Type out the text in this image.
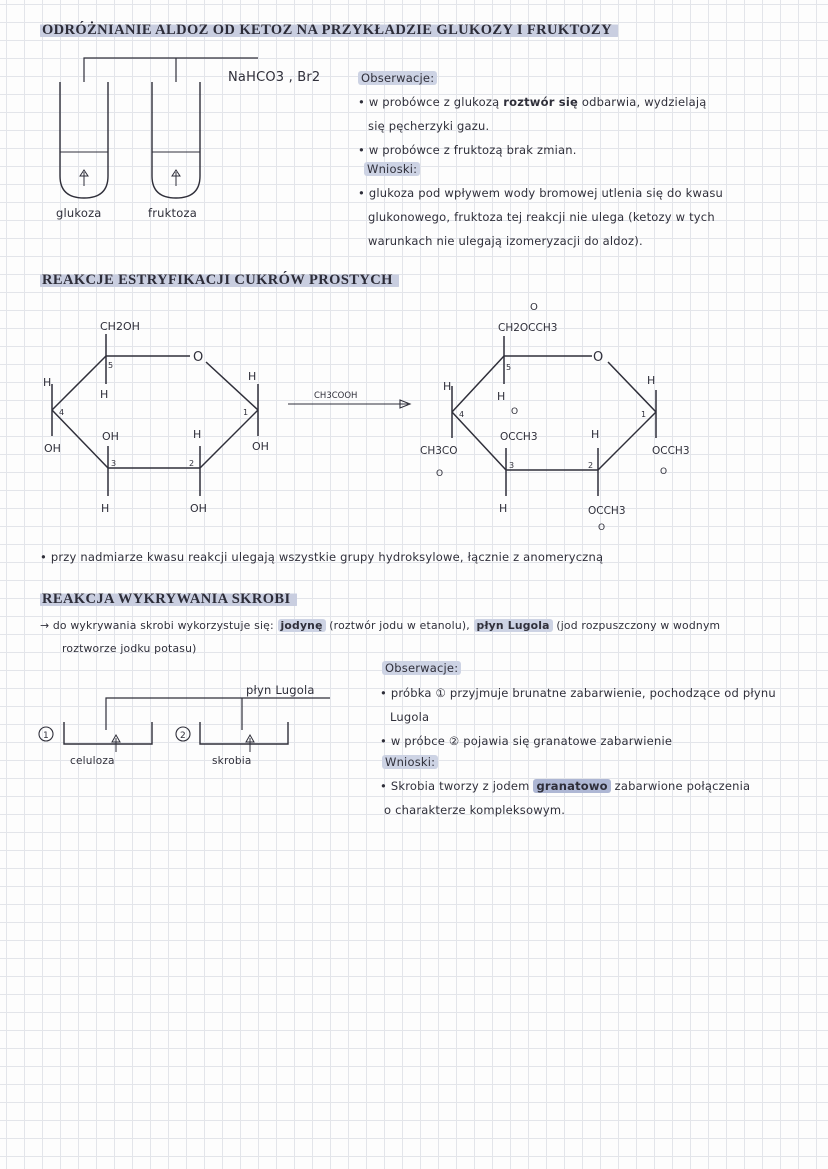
ODRÓŻNIANIE ALDOZ OD KETOZ NA PRZYKŁADZIE GLUKOZY I FRUKTOZY
NaHCO3 , Br2
glukoza	fruktoza
Obserwacje:
• w probówce z glukozą roztwór się odbarwia, wydzielają
się pęcherzyki gazu.
• w probówce z fruktozą brak zmian.
Wnioski:
• glukoza pod wpływem wody bromowej utlenia się do kwasu
glukonowego, fruktoza tej reakcji nie ulega (ketozy w tych
warunkach nie ulegają izomeryzacji do aldoz).
REAKCJE ESTRYFIKACJI CUKRÓW PROSTYCH
CH2OH
5
O
H
H
4	1
H
OH
OH
H
OH
3	2
H	OH
CH3COOH
O
CH2OCCH3
5
O
H
H	H
4	1
O
OCCH3
CH3CO
O
H
3	2
OCCH3
O
H	OCCH3
O
• przy nadmiarze kwasu reakcji ulegają wszystkie grupy hydroksylowe, łącznie z anomeryczną
REAKCJA WYKRYWANIA SKROBI
→ do wykrywania skrobi wykorzystuje się: jodynę (roztwór jodu w etanolu), płyn Lugola (jod rozpuszczony w wodnym
roztworze jodku potasu)
1	2
płyn Lugola
celuloza	skrobia
Obserwacje:
• próbka ① przyjmuje brunatne zabarwienie, pochodzące od płynu
Lugola
• w próbce ② pojawia się granatowe zabarwienie
Wnioski:
• Skrobia tworzy z jodem granatowo zabarwione połączenia
o charakterze kompleksowym.
